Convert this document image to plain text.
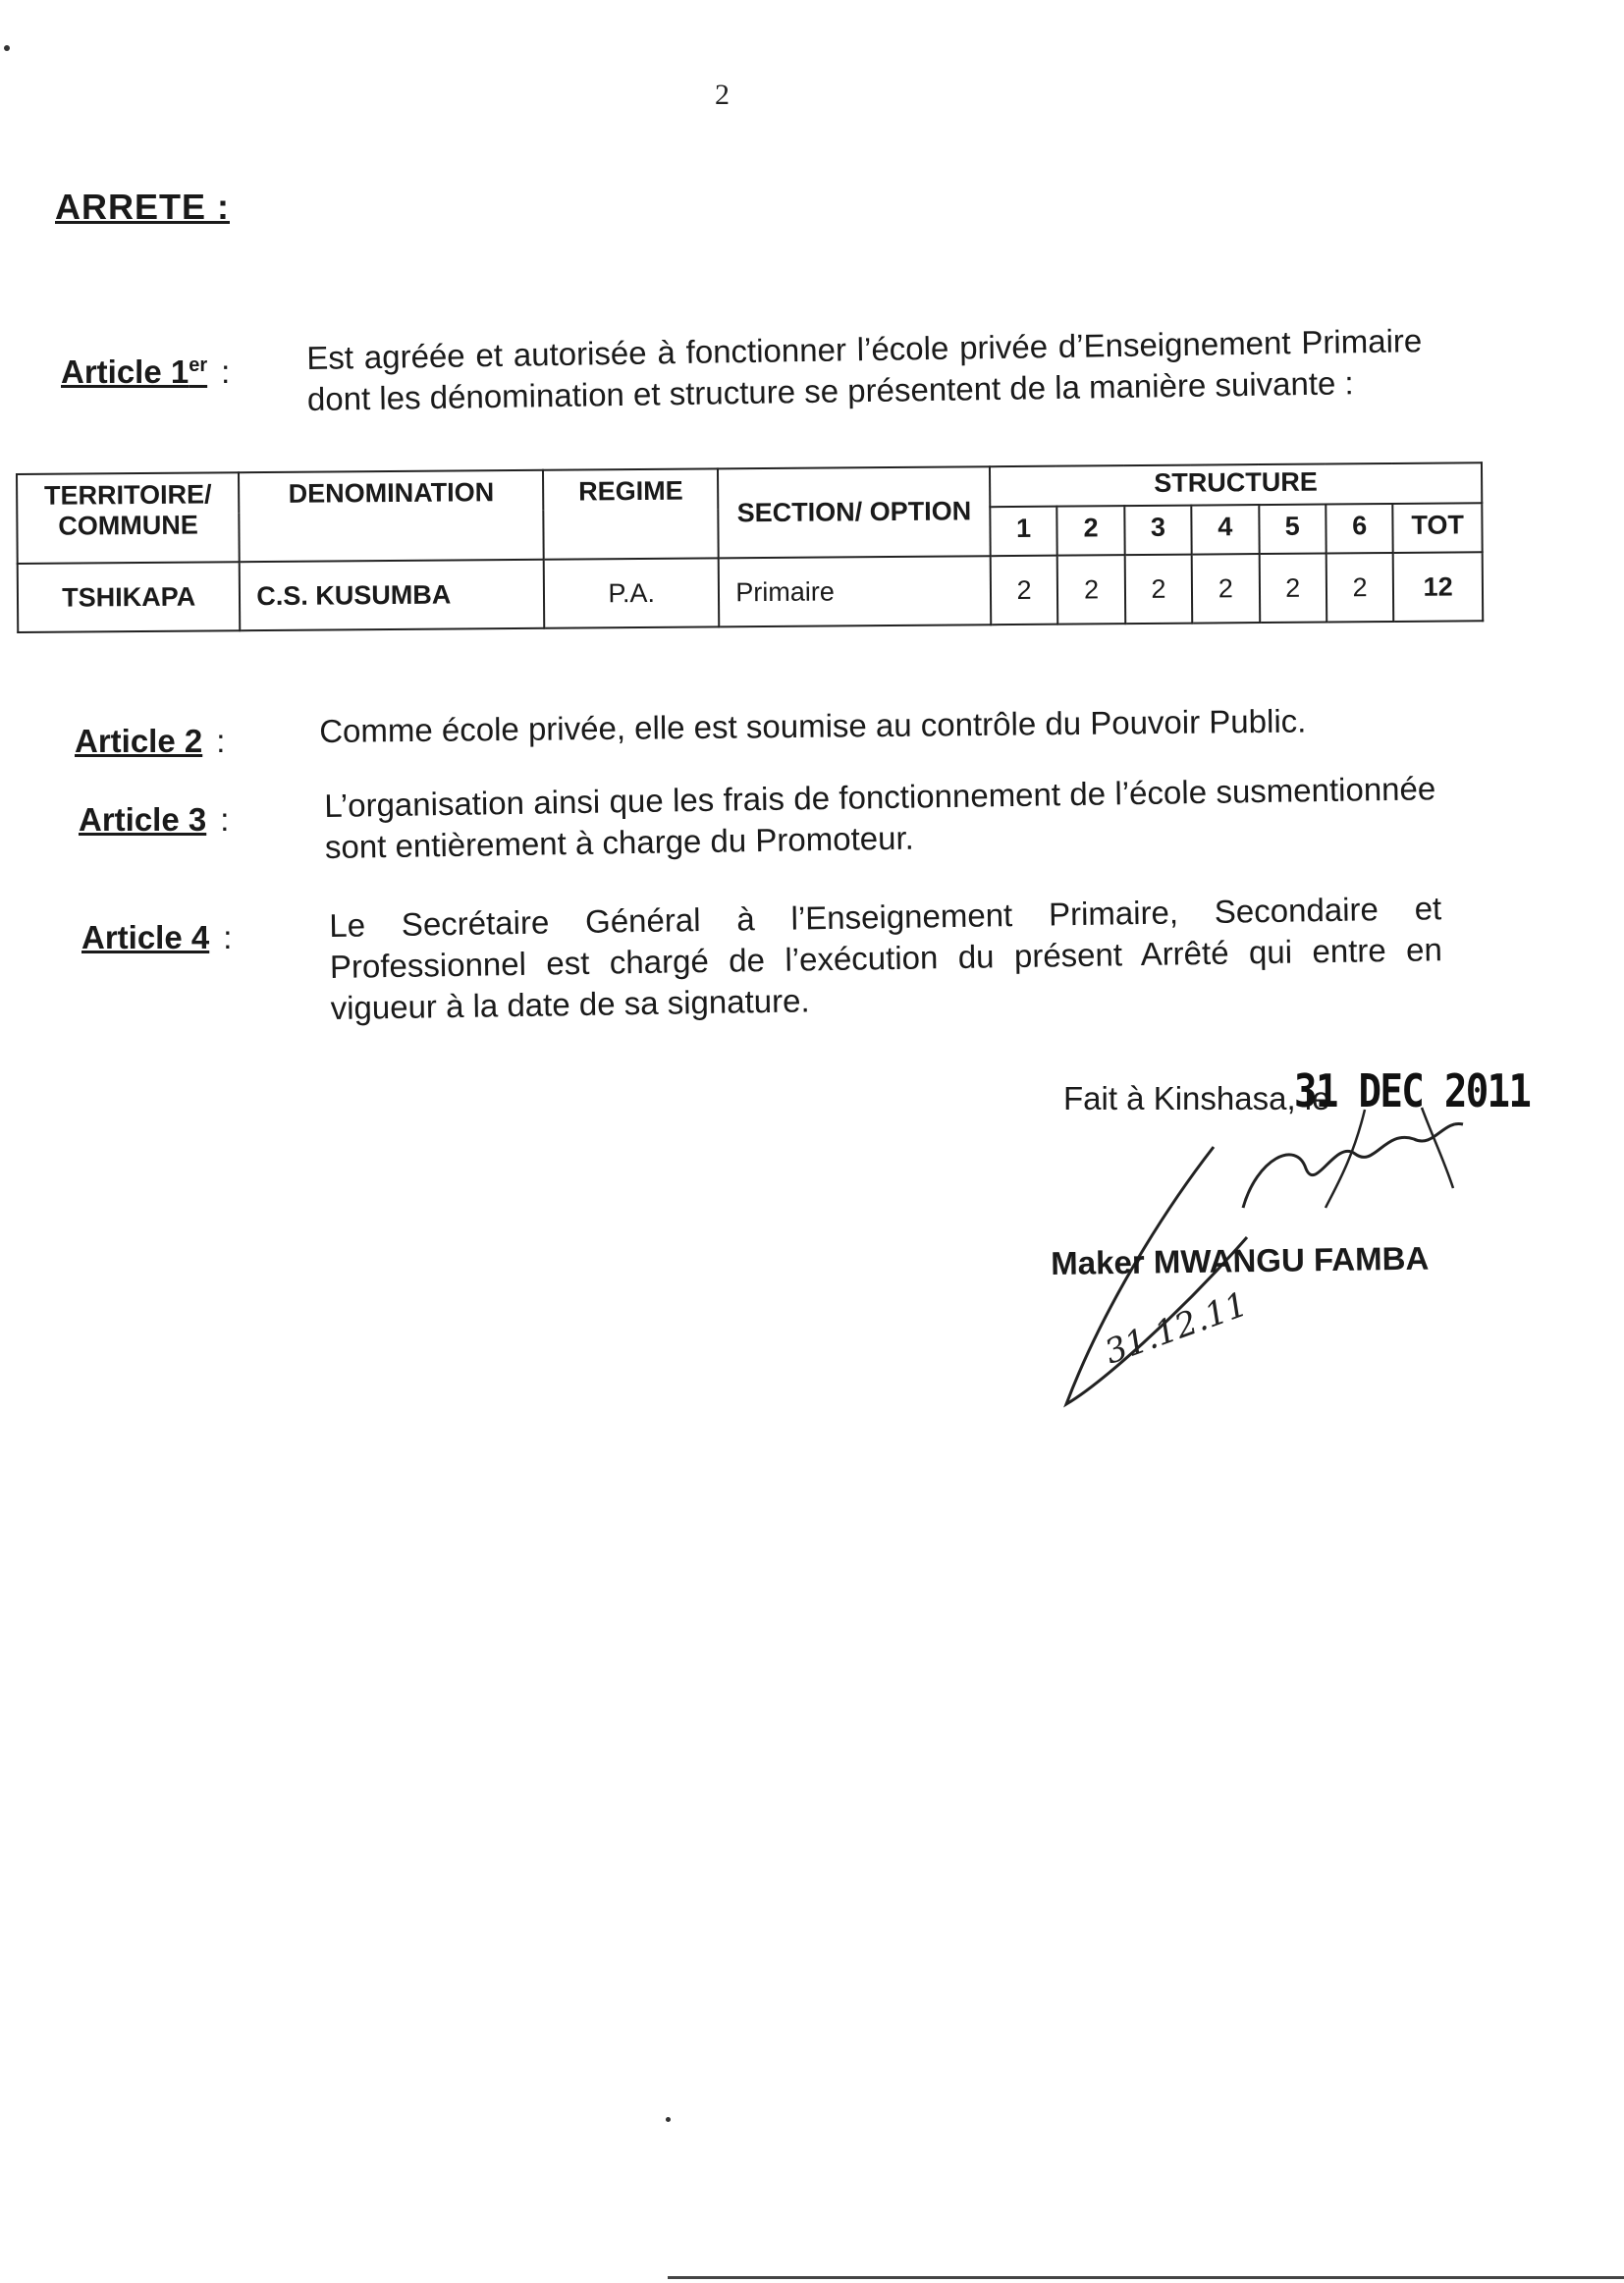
2
ARRETE :
Article 1er : Est agréée et autorisée à fonctionner l’école privée d’Enseignement Primaire dont les dénomination et structure se présentent de la manière suivante :
TERRITOIRE/ COMMUNE	DENOMINATION	REGIME	SECTION/ OPTION	STRUCTURE						
				1	2	3	4	5	6	TOT
TSHIKAPA	C.S. KUSUMBA	P.A.	Primaire	2	2	2	2	2	2	12
Article 2 :	Comme école privée, elle est soumise au contrôle du Pouvoir Public.
Article 3 :	L’organisation ainsi que les frais de fonctionnement de l’école susmentionnée sont entièrement à charge du Promoteur.
Article 4 :	Le Secrétaire Général à l’Enseignement Primaire, Secondaire et Professionnel est chargé de l’exécution du présent Arrêté qui entre en vigueur à la date de sa signature.
Fait à Kinshasa, le
31 DEC 2011
Maker MWANGU FAMBA
31.12.11
